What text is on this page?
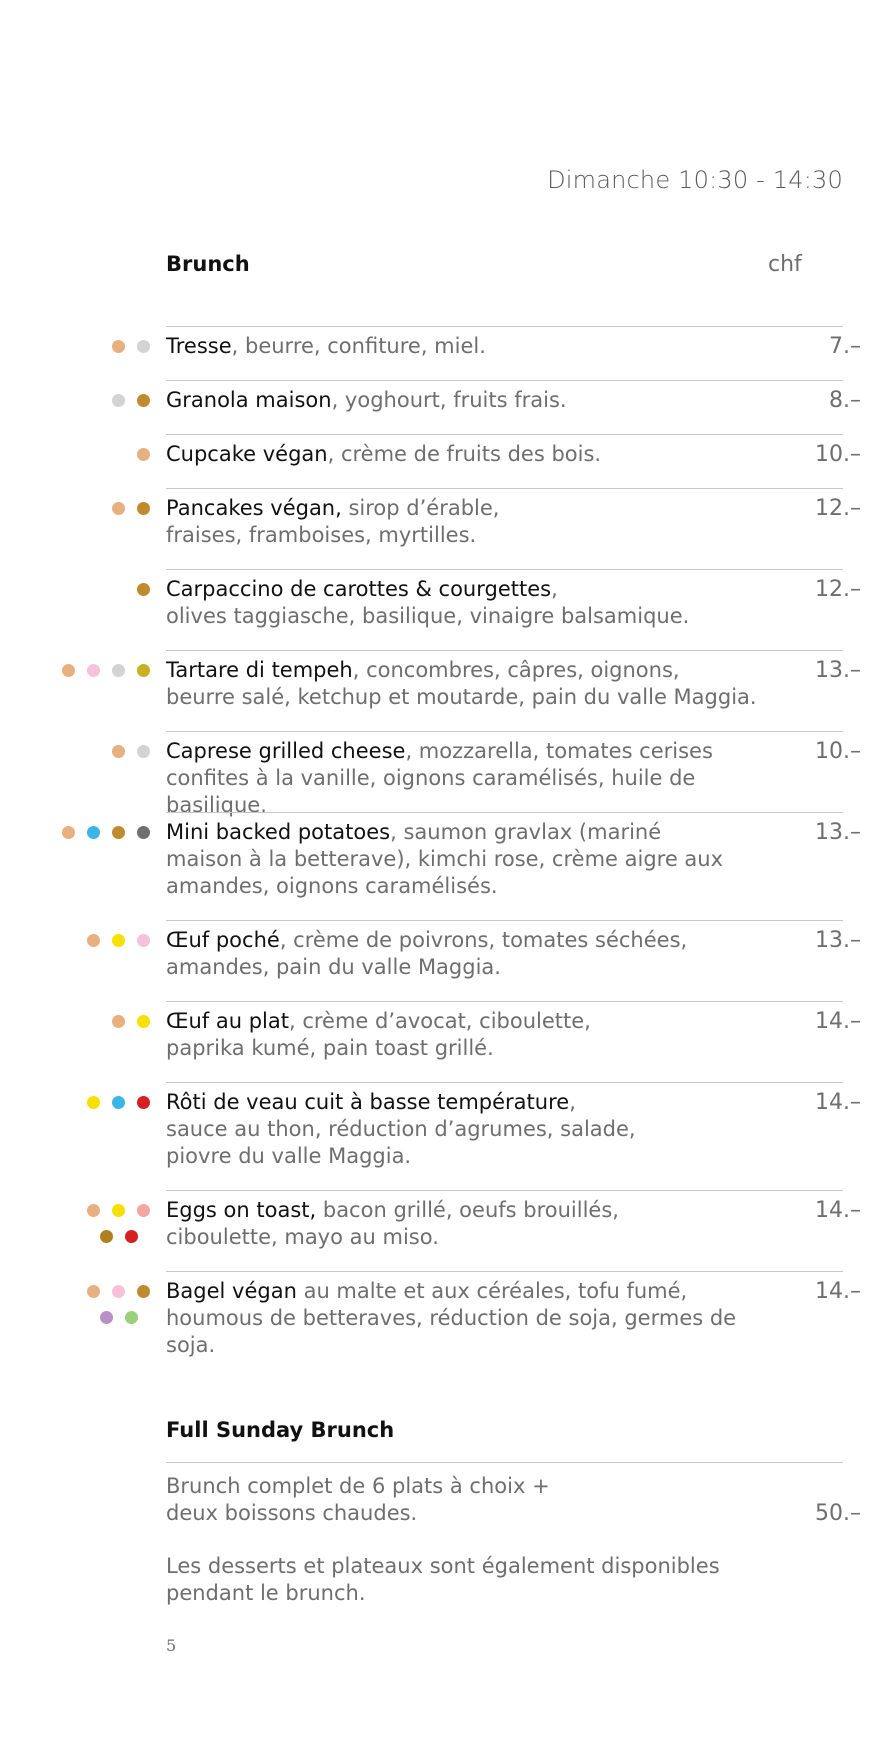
Dimanche 10:30 - 14:30
Brunch	chf
Tresse, beurre, confiture, miel.	7.–
Granola maison, yoghourt, fruits frais.	8.–
Cupcake végan, crème de fruits des bois.	10.–
Pancakes végan, sirop d’érable,
fraises, framboises, myrtilles.
12.–
Carpaccino de carottes & courgettes,
olives taggiasche, basilique, vinaigre balsamique.
12.–
Tartare di tempeh, concombres, câpres, oignons,
beurre salé, ketchup et moutarde, pain du valle Maggia.
13.–
Caprese grilled cheese, mozzarella, tomates cerises
confites à la vanille, oignons caramélisés, huile de basilique.
10.–
Mini backed potatoes, saumon gravlax (mariné
maison à la betterave), kimchi rose, crème aigre aux
amandes, oignons caramélisés.
13.–
Œuf poché, crème de poivrons, tomates séchées,
amandes, pain du valle Maggia.
13.–
Œuf au plat, crème d’avocat, ciboulette,
paprika kumé, pain toast grillé.
14.–
Rôti de veau cuit à basse température,
sauce au thon, réduction d’agrumes, salade,
piovre du valle Maggia.
14.–
Eggs on toast, bacon grillé, oeufs brouillés,
ciboulette, mayo au miso.
14.–
Bagel végan au malte et aux céréales, tofu fumé,
houmous de betteraves, réduction de soja, germes de soja.
14.–
Full Sunday Brunch
Brunch complet de 6 plats à choix +
deux boissons chaudes.	50.–
Les desserts et plateaux sont également disponibles
pendant le brunch.
5
